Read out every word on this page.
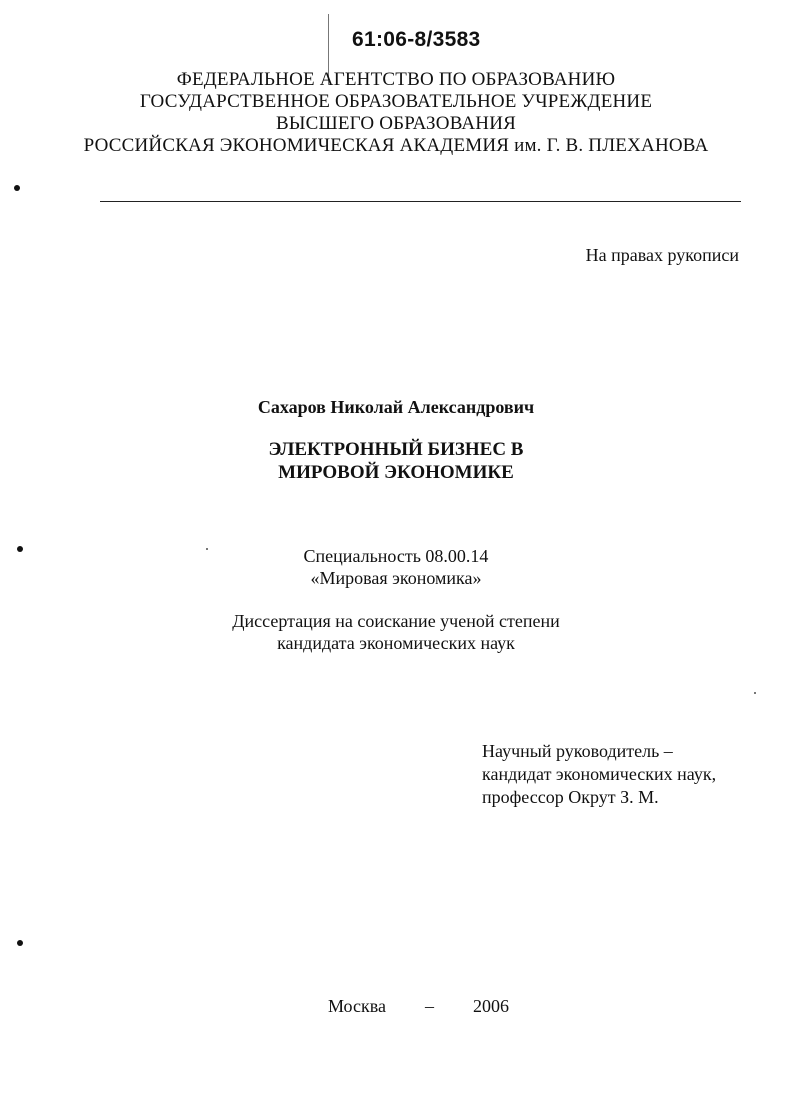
61:06-8/3583
ФЕДЕРАЛЬНОЕ АГЕНТСТВО ПО ОБРАЗОВАНИЮ
ГОСУДАРСТВЕННОЕ ОБРАЗОВАТЕЛЬНОЕ УЧРЕЖДЕНИЕ
ВЫСШЕГО ОБРАЗОВАНИЯ
РОССИЙСКАЯ ЭКОНОМИЧЕСКАЯ АКАДЕМИЯ им. Г. В. ПЛЕХАНОВА
На правах рукописи
Сахаров Николай Александрович
ЭЛЕКТРОННЫЙ БИЗНЕС В
МИРОВОЙ ЭКОНОМИКЕ
Специальность 08.00.14
«Мировая экономика»
Диссертация на соискание ученой степени
кандидата экономических наук
Научный руководитель –
кандидат экономических наук,
профессор Окрут З. М.
Москва – 2006
